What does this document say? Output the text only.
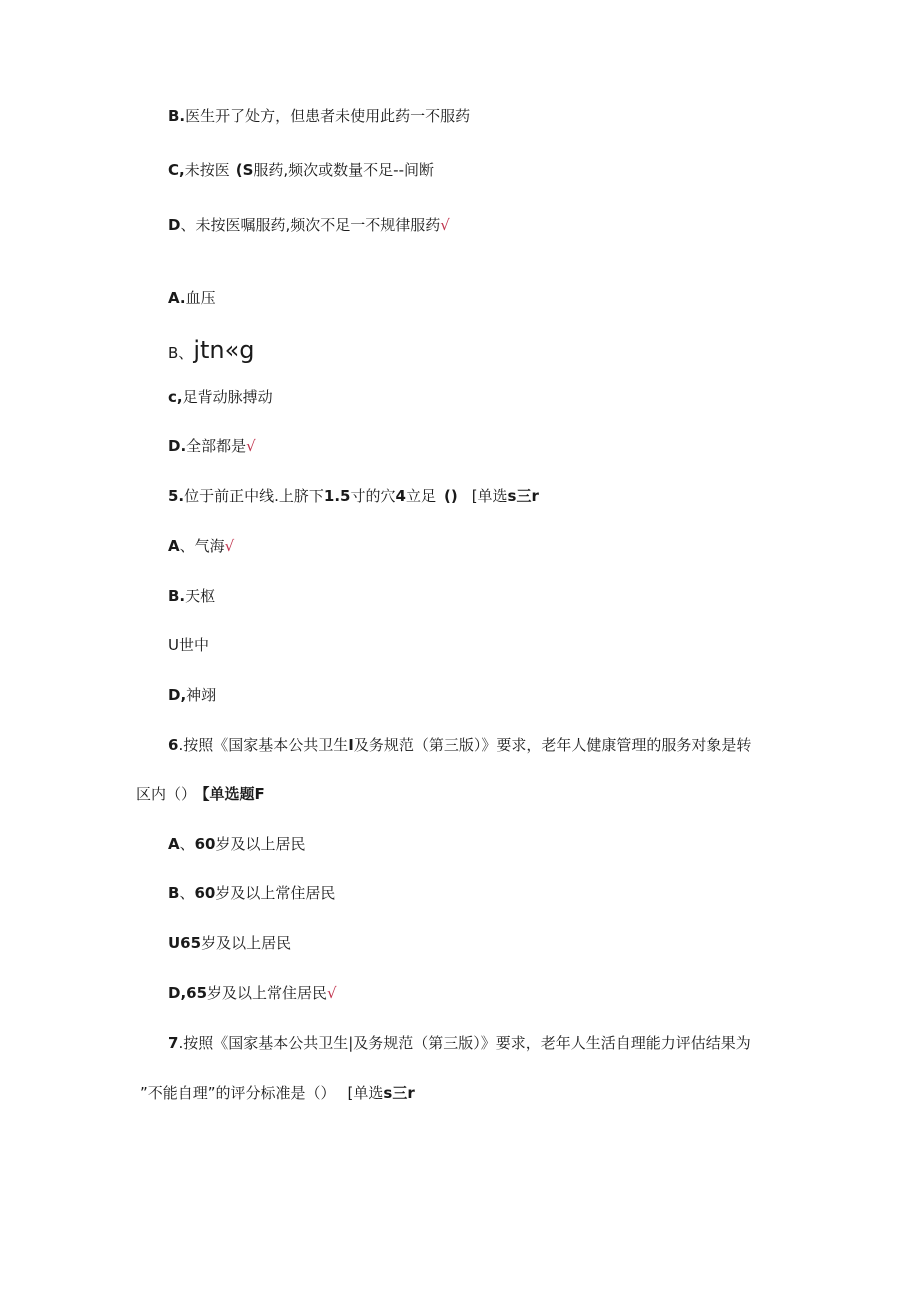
B.医生开了处方，但患者未使用此药一不服药
C,未按医 (S服药,频次或数量不足--间断
D、未按医嘱服药,频次不足一不规律服药√
A.血压
B、jtn«g
c,足背动脉搏动
D.全部都是√
5.位于前正中线.上脐下1.5寸的穴4立足 () [单选s三r
A、气海√
B.天枢
U世中
D,神翊
6.按照《国家基本公共卫生I及务规范（第三版）》要求，老年人健康管理的服务对象是转
区内（） 【单选题F
A、60岁及以上居民
B、60岁及以上常住居民
U65岁及以上居民
D,65岁及以上常住居民√
7.按照《国家基本公共卫生|及务规范（第三版）》要求，老年人生活自理能力评估结果为
”不能自理”的评分标准是（） [单选s三r
